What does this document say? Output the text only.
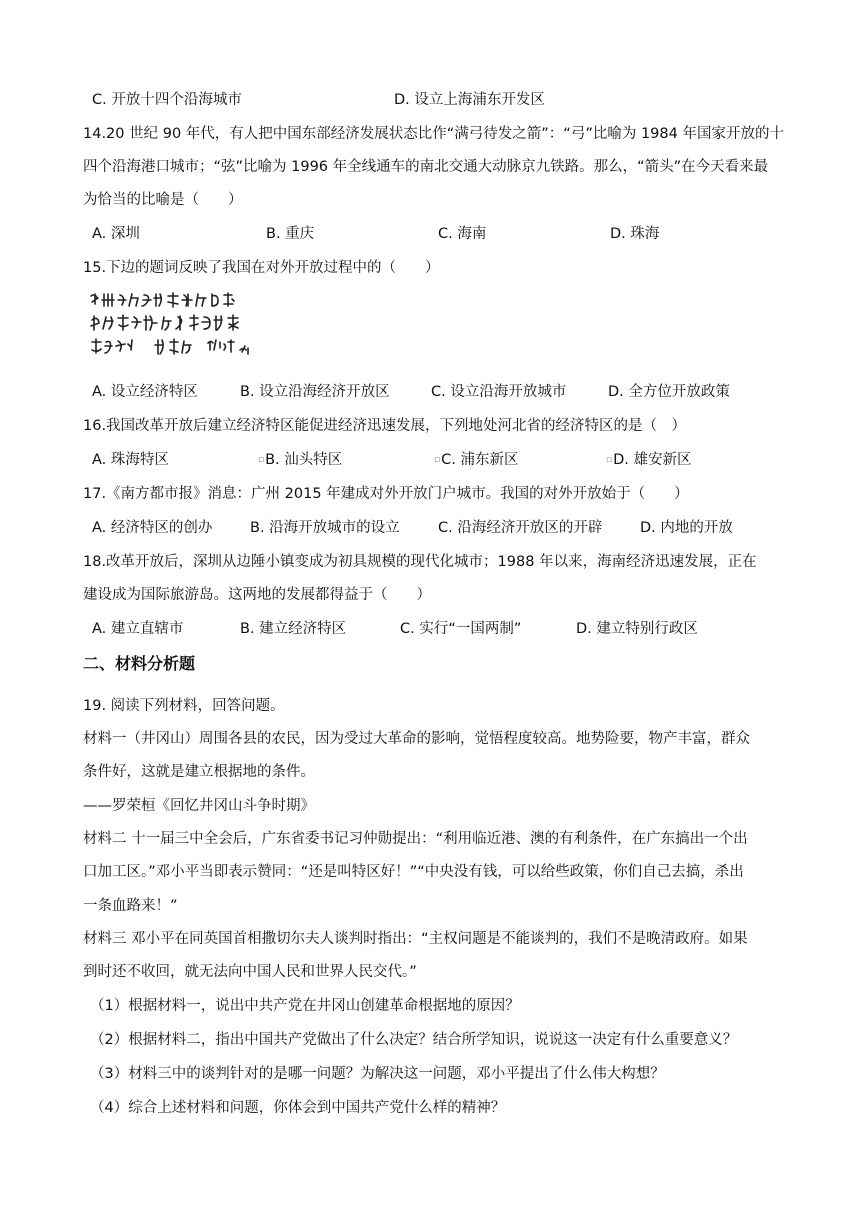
C. 开放十四个沿海城市	D. 设立上海浦东开发区
14.20 世纪 90 年代，有人把中国东部经济发展状态比作“满弓待发之箭”：“弓”比喻为 1984 年国家开放的十
四个沿海港口城市；“弦”比喻为 1996 年全线通车的南北交通大动脉京九铁路。那么，“箭头”在今天看来最
为恰当的比喻是（　　）
A. 深圳	B. 重庆	C. 海南	D. 珠海
15.下边的题词反映了我国在对外开放过程中的（　　）
深圳的发展和经验证明，我们建立经济特区的政策是正确的。　邓小平　一九八四
A. 设立经济特区	B. 设立沿海经济开放区	C. 设立沿海开放城市	D. 全方位开放政策
16.我国改革开放后建立经济特区能促进经济迅速发展，下列地处河北省的经济特区的是（　）
A. 珠海特区	▫B. 汕头特区	▫C. 浦东新区	▫D. 雄安新区
17.《南方都市报》消息：广州 2015 年建成对外开放门户城市。我国的对外开放始于（　　）
A. 经济特区的创办	B. 沿海开放城市的设立	C. 沿海经济开放区的开辟	D. 内地的开放
18.改革开放后，深圳从边陲小镇变成为初具规模的现代化城市；1988 年以来，海南经济迅速发展，正在
建设成为国际旅游岛。这两地的发展都得益于（　　）
A. 建立直辖市	B. 建立经济特区	C. 实行“一国两制”	D. 建立特别行政区
二、材料分析题
19. 阅读下列材料，回答问题。
材料一（井冈山）周围各县的农民，因为受过大革命的影响，觉悟程度较高。地势险要，物产丰富，群众
条件好，这就是建立根据地的条件。
——罗荣桓《回忆井冈山斗争时期》
材料二 十一届三中全会后，广东省委书记习仲勋提出：“利用临近港、澳的有利条件，在广东搞出一个出
口加工区。”邓小平当即表示赞同：“还是叫特区好！”“中央没有钱，可以给些政策，你们自己去搞，杀出
一条血路来！”
材料三 邓小平在同英国首相撒切尔夫人谈判时指出：“主权问题是不能谈判的，我们不是晚清政府。如果
到时还不收回，就无法向中国人民和世界人民交代。”
（1）根据材料一，说出中共产党在井冈山创建革命根据地的原因？
（2）根据材料二，指出中国共产党做出了什么决定？结合所学知识，说说这一决定有什么重要意义？
（3）材料三中的谈判针对的是哪一问题？为解决这一问题，邓小平提出了什么伟大构想？
（4）综合上述材料和问题，你体会到中国共产党什么样的精神？
